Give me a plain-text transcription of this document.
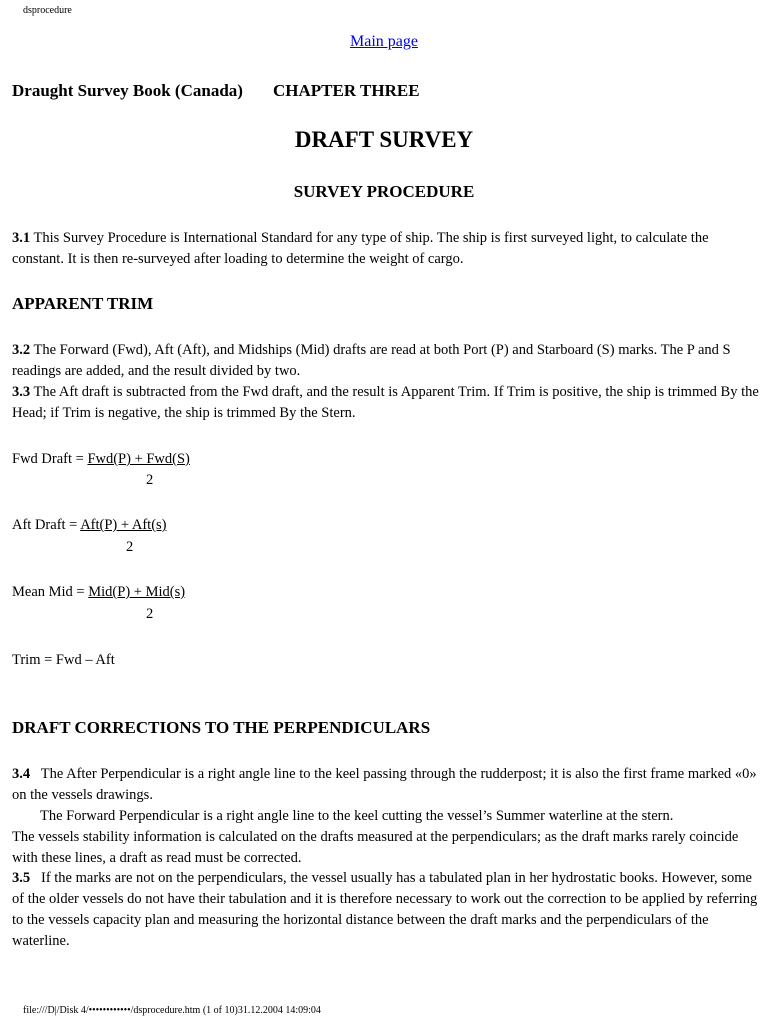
dsprocedure
Main page
Draught Survey Book (Canada) CHAPTER THREE
DRAFT SURVEY
SURVEY PROCEDURE
3.1 This Survey Procedure is International Standard for any type of ship. The ship is first surveyed light, to calculate the constant. It is then re-surveyed after loading to determine the weight of cargo.
APPARENT TRIM
3.2 The Forward (Fwd), Aft (Aft), and Midships (Mid) drafts are read at both Port (P) and Starboard (S) marks. The P and S readings are added, and the result divided by two.
3.3 The Aft draft is subtracted from the Fwd draft, and the result is Apparent Trim. If Trim is positive, the ship is trimmed By the Head; if Trim is negative, the ship is trimmed By the Stern.
Fwd Draft = Fwd(P) + Fwd(S)
2
Aft Draft = Aft(P) + Aft(s)
2
Mean Mid = Mid(P) + Mid(s)
2
Trim = Fwd – Aft
DRAFT CORRECTIONS TO THE PERPENDICULARS
3.4   The After Perpendicular is a right angle line to the keel passing through the rudderpost; it is also the first frame marked «0» on the vessels drawings.
The Forward Perpendicular is a right angle line to the keel cutting the vessel’s Summer waterline at the stern.
The vessels stability information is calculated on the drafts measured at the perpendiculars; as the draft marks rarely coincide with these lines, a draft as read must be corrected.
3.5   If the marks are not on the perpendiculars, the vessel usually has a tabulated plan in her hydrostatic books. However, some of the older vessels do not have their tabulation and it is therefore necessary to work out the correction to be applied by referring to the vessels capacity plan and measuring the horizontal distance between the draft marks and the perpendiculars of the waterline.
file:///D|/Disk 4/••••••••••••/dsprocedure.htm (1 of 10)31.12.2004 14:09:04
